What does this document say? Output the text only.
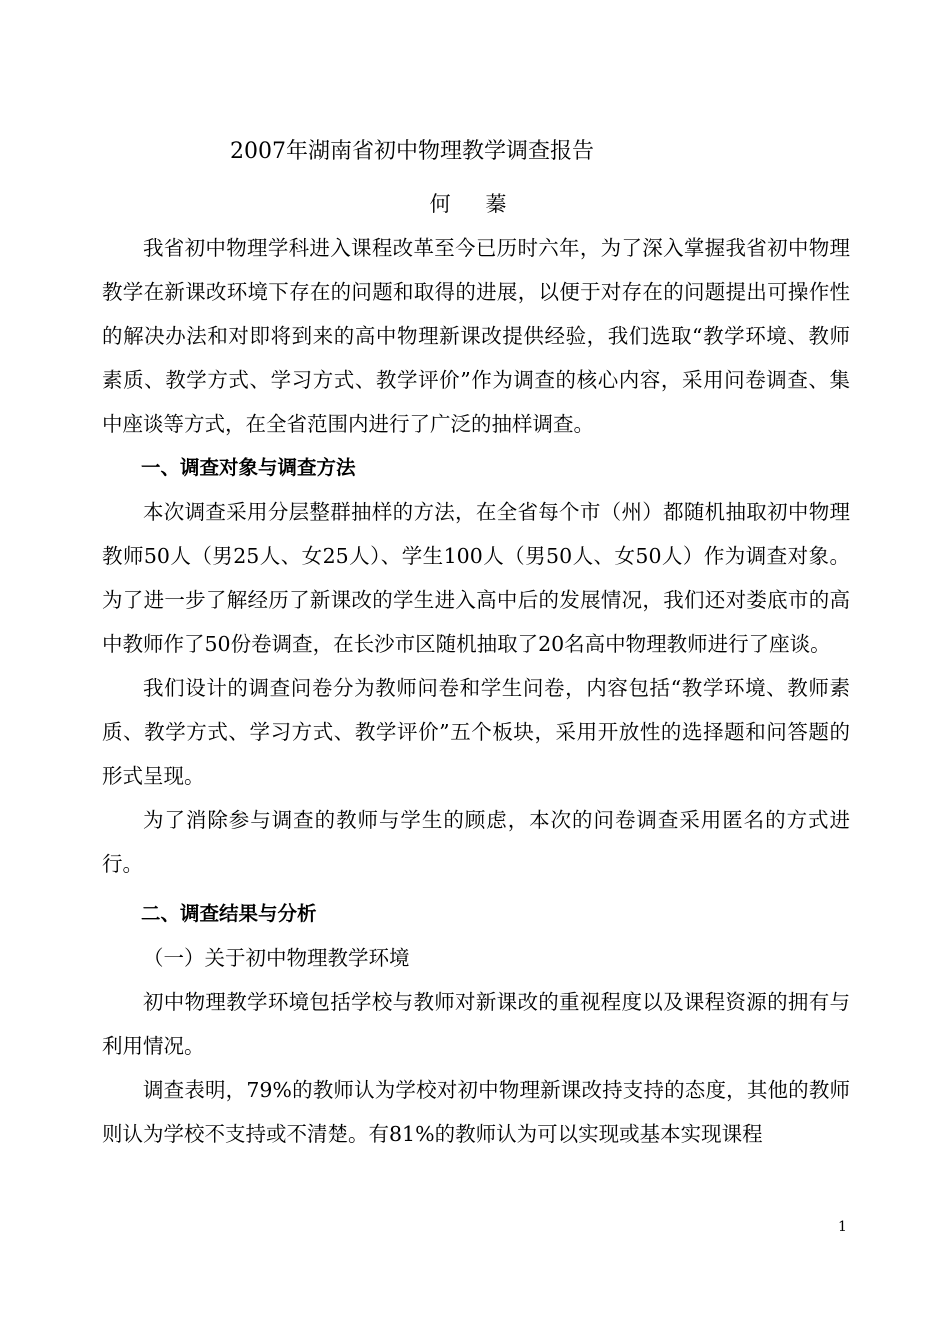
2007年湖南省初中物理教学调查报告
何 蓁

我省初中物理学科进入课程改革至今已历时六年，为了深入掌握我省初中物理教学在新课改环境下存在的问题和取得的进展，以便于对存在的问题提出可操作性的解决办法和对即将到来的高中物理新课改提供经验，我们选取“教学环境、教师素质、教学方式、学习方式、教学评价”作为调查的核心内容，采用问卷调查、集中座谈等方式，在全省范围内进行了广泛的抽样调查。

一、调查对象与调查方法

本次调查采用分层整群抽样的方法，在全省每个市（州）都随机抽取初中物理教师50人（男25人、女25人）、学生100人（男50人、女50人）作为调查对象。为了进一步了解经历了新课改的学生进入高中后的发展情况，我们还对娄底市的高中教师作了50份卷调查，在长沙市区随机抽取了20名高中物理教师进行了座谈。

我们设计的调查问卷分为教师问卷和学生问卷，内容包括“教学环境、教师素质、教学方式、学习方式、教学评价”五个板块，采用开放性的选择题和问答题的形式呈现。

为了消除参与调查的教师与学生的顾虑，本次的问卷调查采用匿名的方式进行。

二、调查结果与分析

（一）关于初中物理教学环境

初中物理教学环境包括学校与教师对新课改的重视程度以及课程资源的拥有与利用情况。

调查表明，79%的教师认为学校对初中物理新课改持支持的态度，其他的教师则认为学校不支持或不清楚。有81%的教师认为可以实现或基本实现课程

1
